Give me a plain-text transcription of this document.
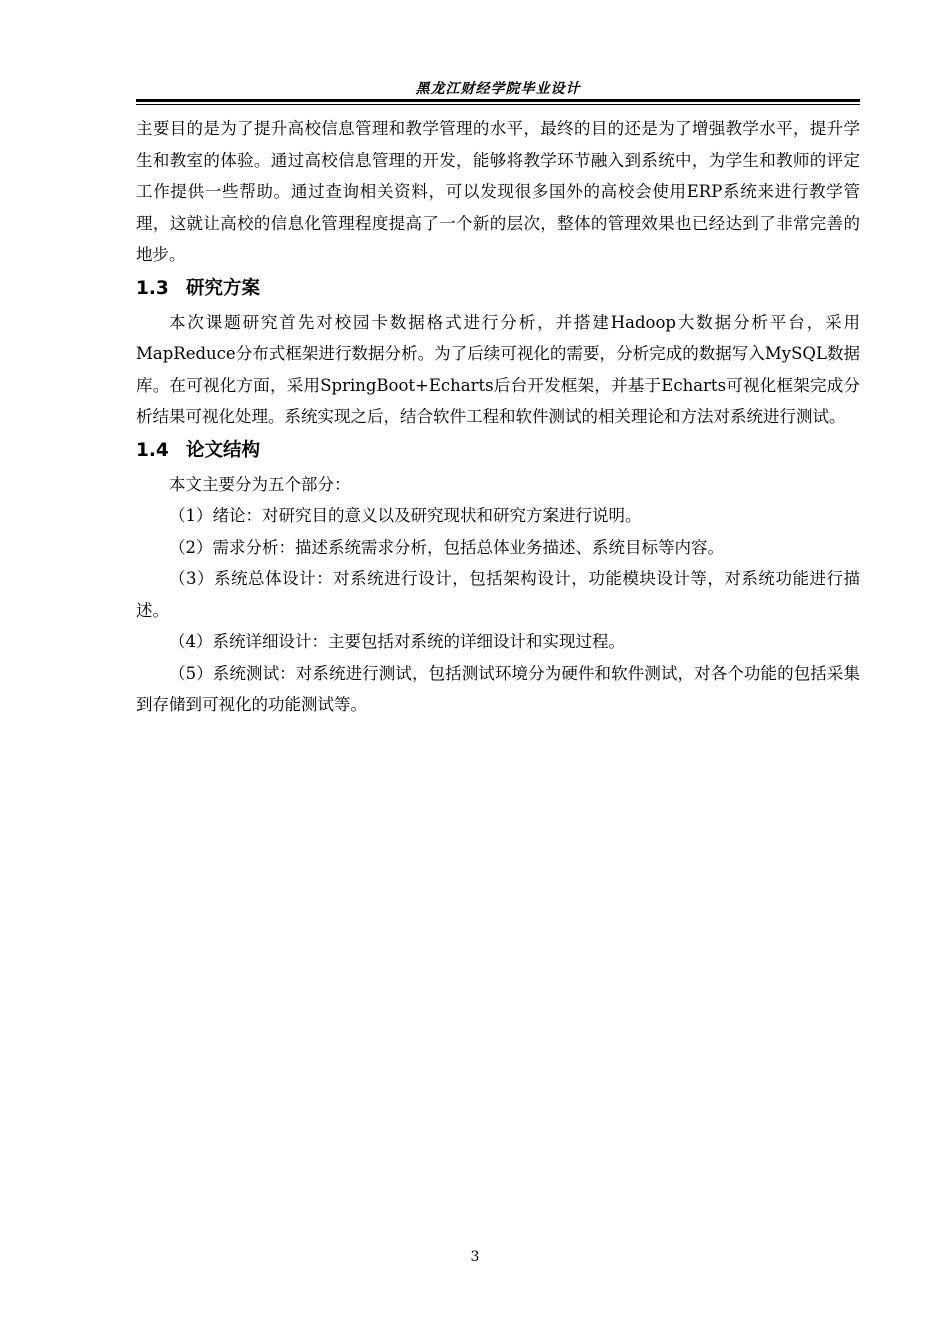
黑龙江财经学院毕业设计

主要目的是为了提升高校信息管理和教学管理的水平，最终的目的还是为了增强教学水平，提升学生和教室的体验。通过高校信息管理的开发，能够将教学环节融入到系统中，为学生和教师的评定工作提供一些帮助。通过查询相关资料，可以发现很多国外的高校会使用ERP系统来进行教学管理，这就让高校的信息化管理程度提高了一个新的层次，整体的管理效果也已经达到了非常完善的地步。

1.3 研究方案

本次课题研究首先对校园卡数据格式进行分析，并搭建Hadoop大数据分析平台，采用MapReduce分布式框架进行数据分析。为了后续可视化的需要，分析完成的数据写入MySQL数据库。在可视化方面，采用SpringBoot+Echarts后台开发框架，并基于Echarts可视化框架完成分析结果可视化处理。系统实现之后，结合软件工程和软件测试的相关理论和方法对系统进行测试。

1.4 论文结构

本文主要分为五个部分：

（1）绪论：对研究目的意义以及研究现状和研究方案进行说明。

（2）需求分析：描述系统需求分析，包括总体业务描述、系统目标等内容。

（3）系统总体设计：对系统进行设计，包括架构设计，功能模块设计等，对系统功能进行描述。

（4）系统详细设计：主要包括对系统的详细设计和实现过程。

（5）系统测试：对系统进行测试，包括测试环境分为硬件和软件测试，对各个功能的包括采集到存储到可视化的功能测试等。

3
